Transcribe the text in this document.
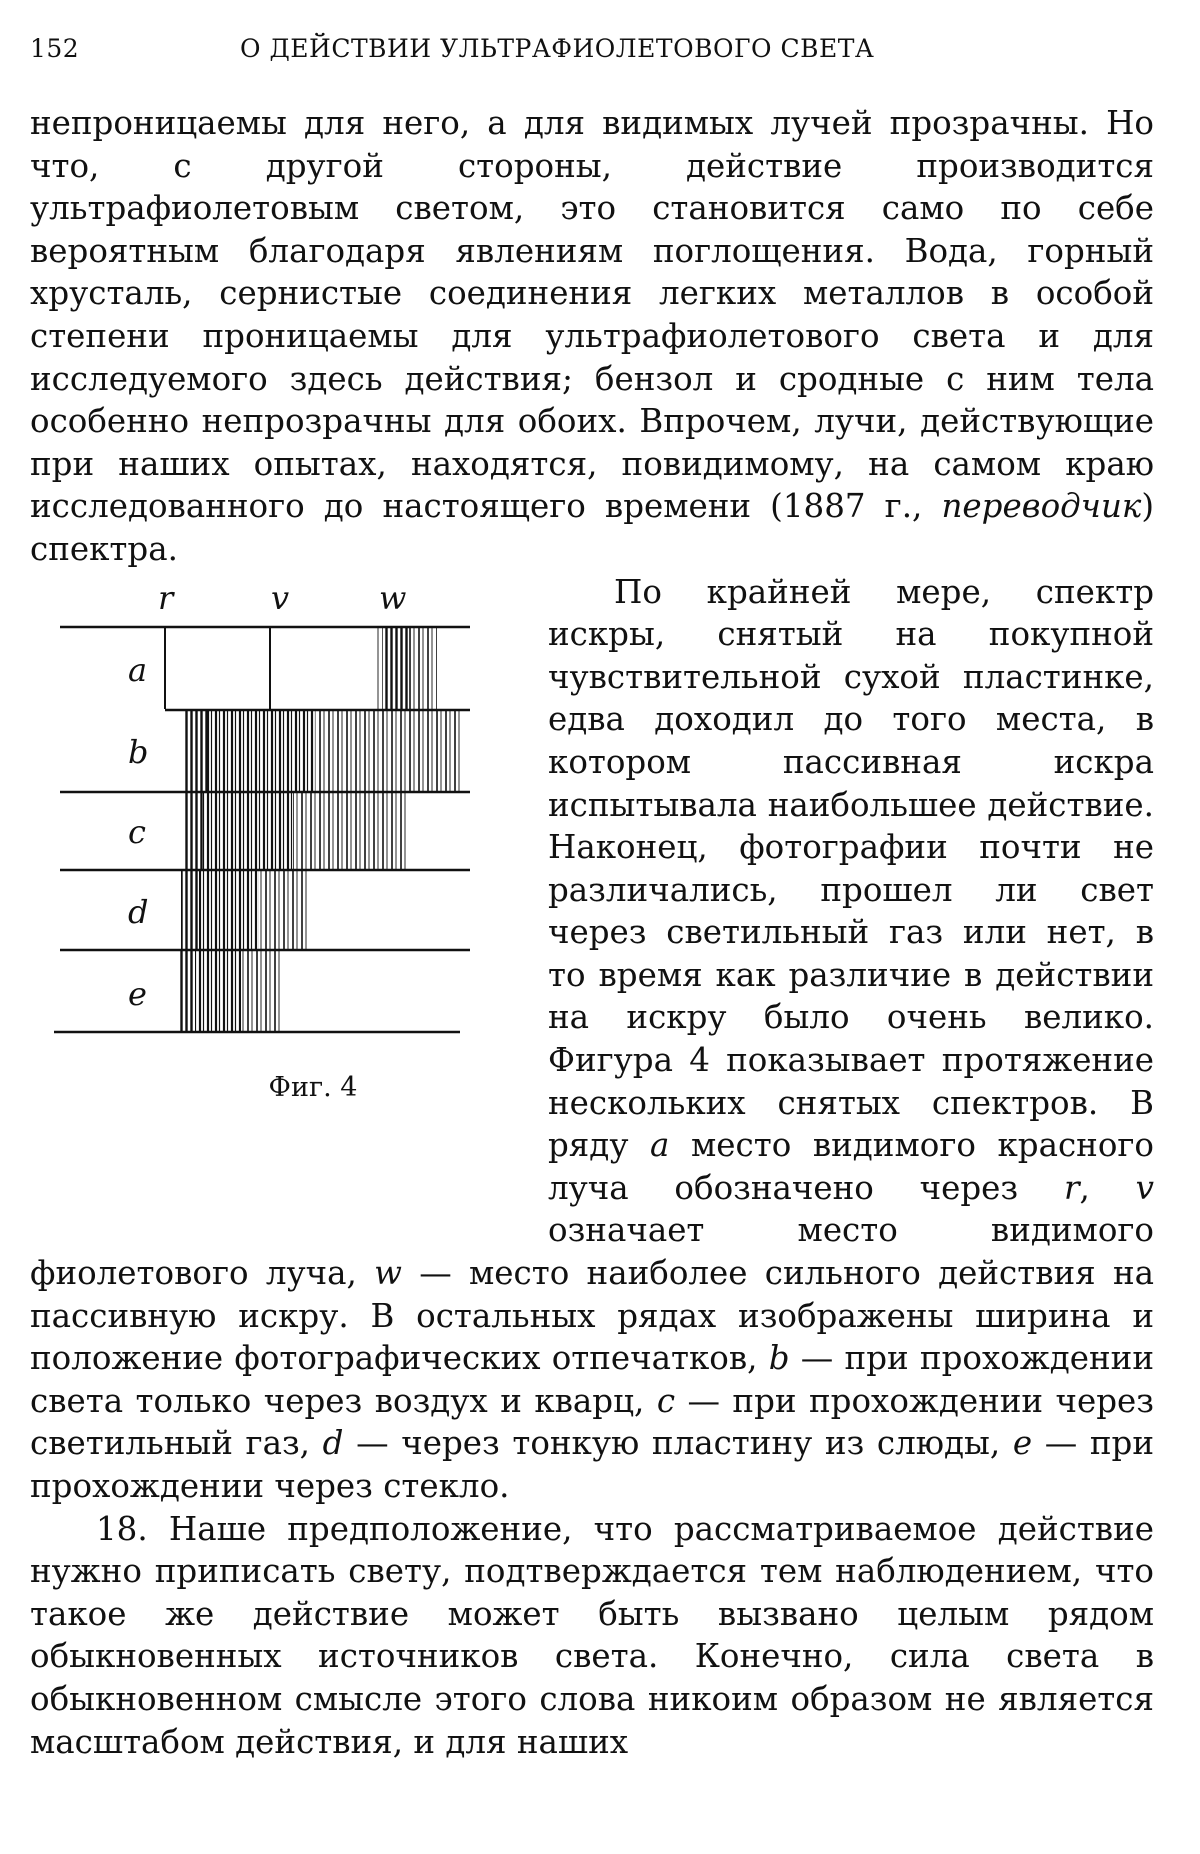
152	О ДЕЙСТВИИ УЛЬТРАФИОЛЕТОВОГО СВЕТА

непроницаемы для него, а для видимых лучей прозрачны. Но что, с другой стороны, действие производится ультрафиолетовым светом, это становится само по себе вероятным благодаря явлениям поглощения. Вода, горный хрусталь, сернистые соединения легких металлов в особой степени проницаемы для ультрафиолетового света и для исследуемого здесь действия; бензол и сродные с ним тела особенно непрозрачны для обоих. Впрочем, лучи, действующие при наших опытах, находятся, повидимому, на самом краю исследованного до настоящего времени (1887 г., переводчик) спектра.

r	v	w
a
b
c
d
e
Фиг. 4
По крайней мере, спектр искры, снятый на покупной чувствительной сухой пластинке, едва доходил до того места, в котором пассивная искра испытывала наибольшее действие. Наконец, фотографии почти не различались, прошел ли свет через светильный газ или нет, в то время как различие в действии на искру было очень велико. Фигура 4 показывает протяжение нескольких снятых спектров. В ряду a место видимого красного луча обозначено через r, v означает место видимого фиолетового луча, w — место наиболее сильного действия на пассивную искру. В остальных рядах изображены ширина и положение фотографических отпечатков, b — при прохождении света только через воздух и кварц, c — при прохождении через светильный газ, d — через тонкую пластину из слюды, e — при прохождении через стекло.

18. Наше предположение, что рассматриваемое действие нужно приписать свету, подтверждается тем наблюдением, что такое же действие может быть вызвано целым рядом обыкновенных источников света. Конечно, сила света в обыкновенном смысле этого слова никоим образом не является масштабом действия, и для наших
